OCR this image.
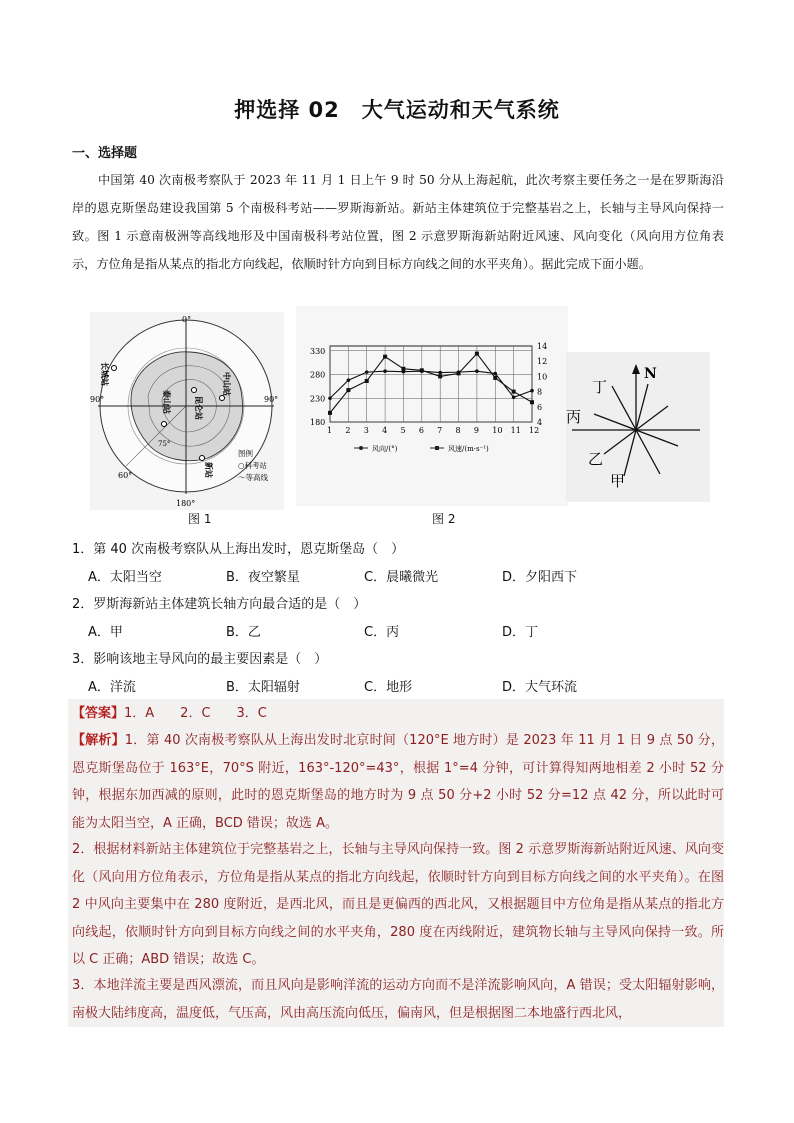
押选择 02　大气运动和天气系统
一、选择题
中国第 40 次南极考察队于 2023 年 11 月 1 日上午 9 时 50 分从上海起航，此次考察主要任务之一是在罗斯海沿岸的恩克斯堡岛建设我国第 5 个南极科考站——罗斯海新站。新站主体建筑位于完整基岩之上，长轴与主导风向保持一致。图 1 示意南极洲等高线地形及中国南极科考站位置，图 2 示意罗斯海新站附近风速、风向变化（风向用方位角表示，方位角是指从某点的指北方向线起，依顺时针方向到目标方向线之间的水平夹角）。据此完成下面小题。
0°
90°	90°
180°
60°
75°
长城站	中山站
昆仑站
泰山站
新站
图例
○科考站
～等高线
1 2 3 4 5 6 7 8 9 10 11 12
180
230
280
330
4
6
8
10
12
14
风向/(°)	风速/(m·s⁻¹)
N
丁
丙
乙
甲
图 1	图 2
1．第 40 次南极考察队从上海出发时，恩克斯堡岛（　）
A．太阳当空	B．夜空繁星	C．晨曦微光	D．夕阳西下
2．罗斯海新站主体建筑长轴方向最合适的是（　）
A．甲	B．乙	C．丙	D．丁
3．影响该地主导风向的最主要因素是（　）
A．洋流	B．太阳辐射	C．地形	D．大气环流
【答案】1．A　　2．C　　3．C
【解析】1．第 40 次南极考察队从上海出发时北京时间（120°E 地方时）是 2023 年 11 月 1 日 9 点 50 分，恩克斯堡岛位于 163°E，70°S 附近，163°-120°=43°，根据 1°=4 分钟，可计算得知两地相差 2 小时 52 分钟，根据东加西减的原则，此时的恩克斯堡岛的地方时为 9 点 50 分+2 小时 52 分=12 点 42 分，所以此时可能为太阳当空，A 正确，BCD 错误；故选 A。
2．根据材料新站主体建筑位于完整基岩之上，长轴与主导风向保持一致。图 2 示意罗斯海新站附近风速、风向变化（风向用方位角表示，方位角是指从某点的指北方向线起，依顺时针方向到目标方向线之间的水平夹角）。在图 2 中风向主要集中在 280 度附近，是西北风，而且是更偏西的西北风，又根据题目中方位角是指从某点的指北方向线起，依顺时针方向到目标方向线之间的水平夹角，280 度在丙线附近，建筑物长轴与主导风向保持一致。所以 C 正确；ABD 错误；故选 C。
3．本地洋流主要是西风漂流，而且风向是影响洋流的运动方向而不是洋流影响风向，A 错误；受太阳辐射影响，南极大陆纬度高，温度低，气压高，风由高压流向低压，偏南风，但是根据图二本地盛行西北风，
